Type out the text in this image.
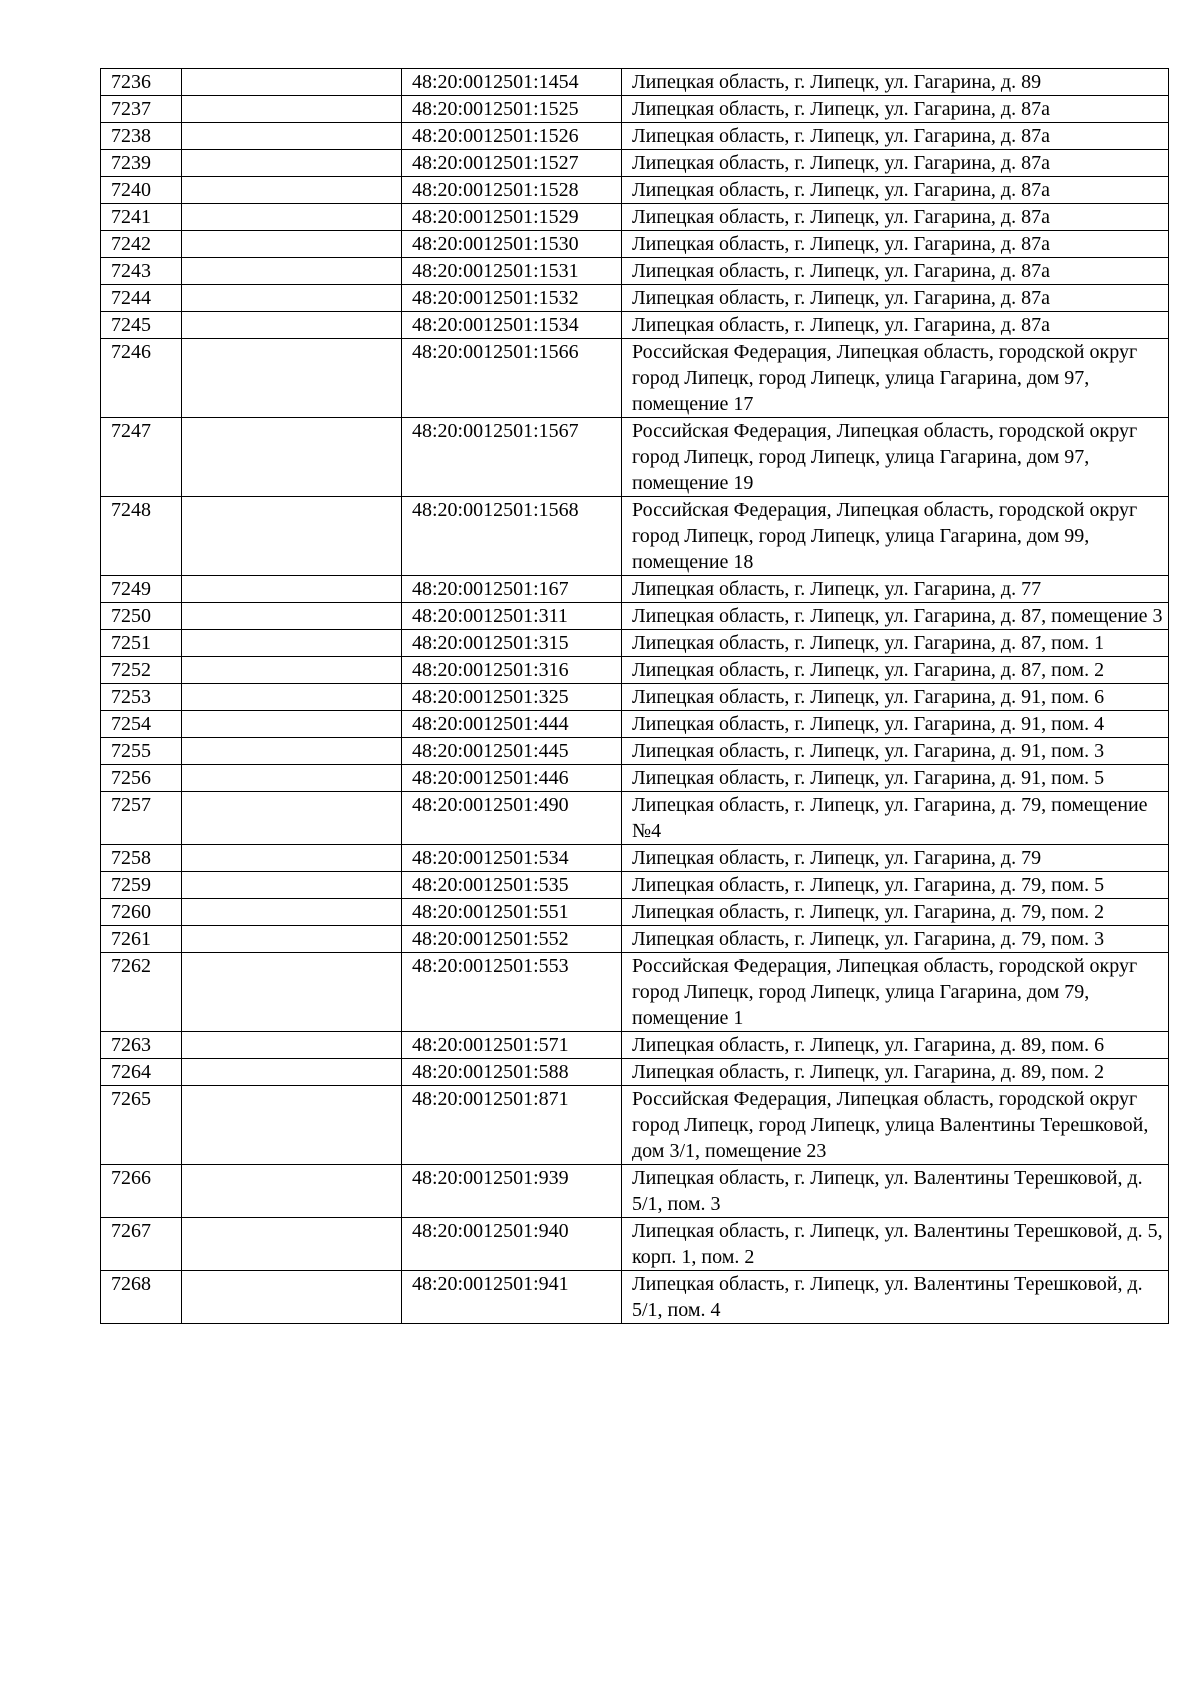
7236		48:20:0012501:1454	Липецкая область, г. Липецк, ул. Гагарина, д. 89
7237		48:20:0012501:1525	Липецкая область, г. Липецк, ул. Гагарина, д. 87а
7238		48:20:0012501:1526	Липецкая область, г. Липецк, ул. Гагарина, д. 87а
7239		48:20:0012501:1527	Липецкая область, г. Липецк, ул. Гагарина, д. 87а
7240		48:20:0012501:1528	Липецкая область, г. Липецк, ул. Гагарина, д. 87а
7241		48:20:0012501:1529	Липецкая область, г. Липецк, ул. Гагарина, д. 87а
7242		48:20:0012501:1530	Липецкая область, г. Липецк, ул. Гагарина, д. 87а
7243		48:20:0012501:1531	Липецкая область, г. Липецк, ул. Гагарина, д. 87а
7244		48:20:0012501:1532	Липецкая область, г. Липецк, ул. Гагарина, д. 87а
7245		48:20:0012501:1534	Липецкая область, г. Липецк, ул. Гагарина, д. 87а
7246		48:20:0012501:1566	Российская Федерация, Липецкая область, городской округ город Липецк, город Липецк, улица Гагарина, дом 97, помещение 17
7247		48:20:0012501:1567	Российская Федерация, Липецкая область, городской округ город Липецк, город Липецк, улица Гагарина, дом 97, помещение 19
7248		48:20:0012501:1568	Российская Федерация, Липецкая область, городской округ город Липецк, город Липецк, улица Гагарина, дом 99, помещение 18
7249		48:20:0012501:167	Липецкая область, г. Липецк, ул. Гагарина, д. 77
7250		48:20:0012501:311	Липецкая область, г. Липецк, ул. Гагарина, д. 87, помещение 3
7251		48:20:0012501:315	Липецкая область, г. Липецк, ул. Гагарина, д. 87, пом. 1
7252		48:20:0012501:316	Липецкая область, г. Липецк, ул. Гагарина, д. 87, пом. 2
7253		48:20:0012501:325	Липецкая область, г. Липецк, ул. Гагарина, д. 91, пом. 6
7254		48:20:0012501:444	Липецкая область, г. Липецк, ул. Гагарина, д. 91, пом. 4
7255		48:20:0012501:445	Липецкая область, г. Липецк, ул. Гагарина, д. 91, пом. 3
7256		48:20:0012501:446	Липецкая область, г. Липецк, ул. Гагарина, д. 91, пом. 5
7257		48:20:0012501:490	Липецкая область, г. Липецк, ул. Гагарина, д. 79, помещение №4
7258		48:20:0012501:534	Липецкая область, г. Липецк, ул. Гагарина, д. 79
7259		48:20:0012501:535	Липецкая область, г. Липецк, ул. Гагарина, д. 79, пом. 5
7260		48:20:0012501:551	Липецкая область, г. Липецк, ул. Гагарина, д. 79, пом. 2
7261		48:20:0012501:552	Липецкая область, г. Липецк, ул. Гагарина, д. 79, пом. 3
7262		48:20:0012501:553	Российская Федерация, Липецкая область, городской округ город Липецк, город Липецк, улица Гагарина, дом 79, помещение 1
7263		48:20:0012501:571	Липецкая область, г. Липецк, ул. Гагарина, д. 89, пом. 6
7264		48:20:0012501:588	Липецкая область, г. Липецк, ул. Гагарина, д. 89, пом. 2
7265		48:20:0012501:871	Российская Федерация, Липецкая область, городской округ город Липецк, город Липецк, улица Валентины Терешковой, дом 3/1, помещение 23
7266		48:20:0012501:939	Липецкая область, г. Липецк, ул. Валентины Терешковой, д. 5/1, пом. 3
7267		48:20:0012501:940	Липецкая область, г. Липецк, ул. Валентины Терешковой, д. 5, корп. 1, пом. 2
7268		48:20:0012501:941	Липецкая область, г. Липецк, ул. Валентины Терешковой, д. 5/1, пом. 4
